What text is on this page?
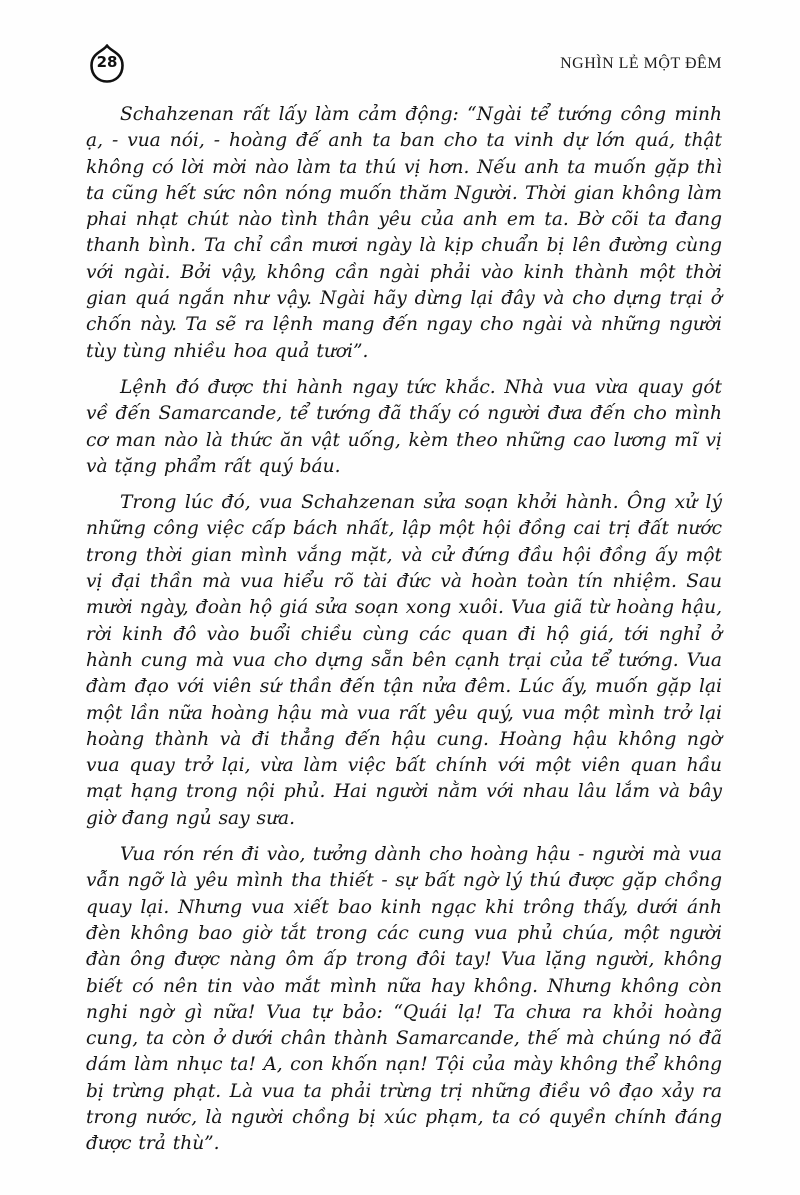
28	NGHÌN LẺ MỘT ĐÊM

Schahzenan rất lấy làm cảm động: “Ngài tể tướng công minh ạ, - vua nói, - hoàng đế anh ta ban cho ta vinh dự lớn quá, thật không có lời mời nào làm ta thú vị hơn. Nếu anh ta muốn gặp thì ta cũng hết sức nôn nóng muốn thăm Người. Thời gian không làm phai nhạt chút nào tình thân yêu của anh em ta. Bờ cõi ta đang thanh bình. Ta chỉ cần mươi ngày là kịp chuẩn bị lên đường cùng với ngài. Bởi vậy, không cần ngài phải vào kinh thành một thời gian quá ngắn như vậy. Ngài hãy dừng lại đây và cho dựng trại ở chốn này. Ta sẽ ra lệnh mang đến ngay cho ngài và những người tùy tùng nhiều hoa quả tươi”.

Lệnh đó được thi hành ngay tức khắc. Nhà vua vừa quay gót về đến Samarcande, tể tướng đã thấy có người đưa đến cho mình cơ man nào là thức ăn vật uống, kèm theo những cao lương mĩ vị và tặng phẩm rất quý báu.

Trong lúc đó, vua Schahzenan sửa soạn khởi hành. Ông xử lý những công việc cấp bách nhất, lập một hội đồng cai trị đất nước trong thời gian mình vắng mặt, và cử đứng đầu hội đồng ấy một vị đại thần mà vua hiểu rõ tài đức và hoàn toàn tín nhiệm. Sau mười ngày, đoàn hộ giá sửa soạn xong xuôi. Vua giã từ hoàng hậu, rời kinh đô vào buổi chiều cùng các quan đi hộ giá, tới nghỉ ở hành cung mà vua cho dựng sẵn bên cạnh trại của tể tướng. Vua đàm đạo với viên sứ thần đến tận nửa đêm. Lúc ấy, muốn gặp lại một lần nữa hoàng hậu mà vua rất yêu quý, vua một mình trở lại hoàng thành và đi thẳng đến hậu cung. Hoàng hậu không ngờ vua quay trở lại, vừa làm việc bất chính với một viên quan hầu mạt hạng trong nội phủ. Hai người nằm với nhau lâu lắm và bây giờ đang ngủ say sưa.

Vua rón rén đi vào, tưởng dành cho hoàng hậu - người mà vua vẫn ngỡ là yêu mình tha thiết - sự bất ngờ lý thú được gặp chồng quay lại. Nhưng vua xiết bao kinh ngạc khi trông thấy, dưới ánh đèn không bao giờ tắt trong các cung vua phủ chúa, một người đàn ông được nàng ôm ấp trong đôi tay! Vua lặng người, không biết có nên tin vào mắt mình nữa hay không. Nhưng không còn nghi ngờ gì nữa! Vua tự bảo: “Quái lạ! Ta chưa ra khỏi hoàng cung, ta còn ở dưới chân thành Samarcande, thế mà chúng nó đã dám làm nhục ta! A, con khốn nạn! Tội của mày không thể không bị trừng phạt. Là vua ta phải trừng trị những điều vô đạo xảy ra trong nước, là người chồng bị xúc phạm, ta có quyền chính đáng được trả thù”.
